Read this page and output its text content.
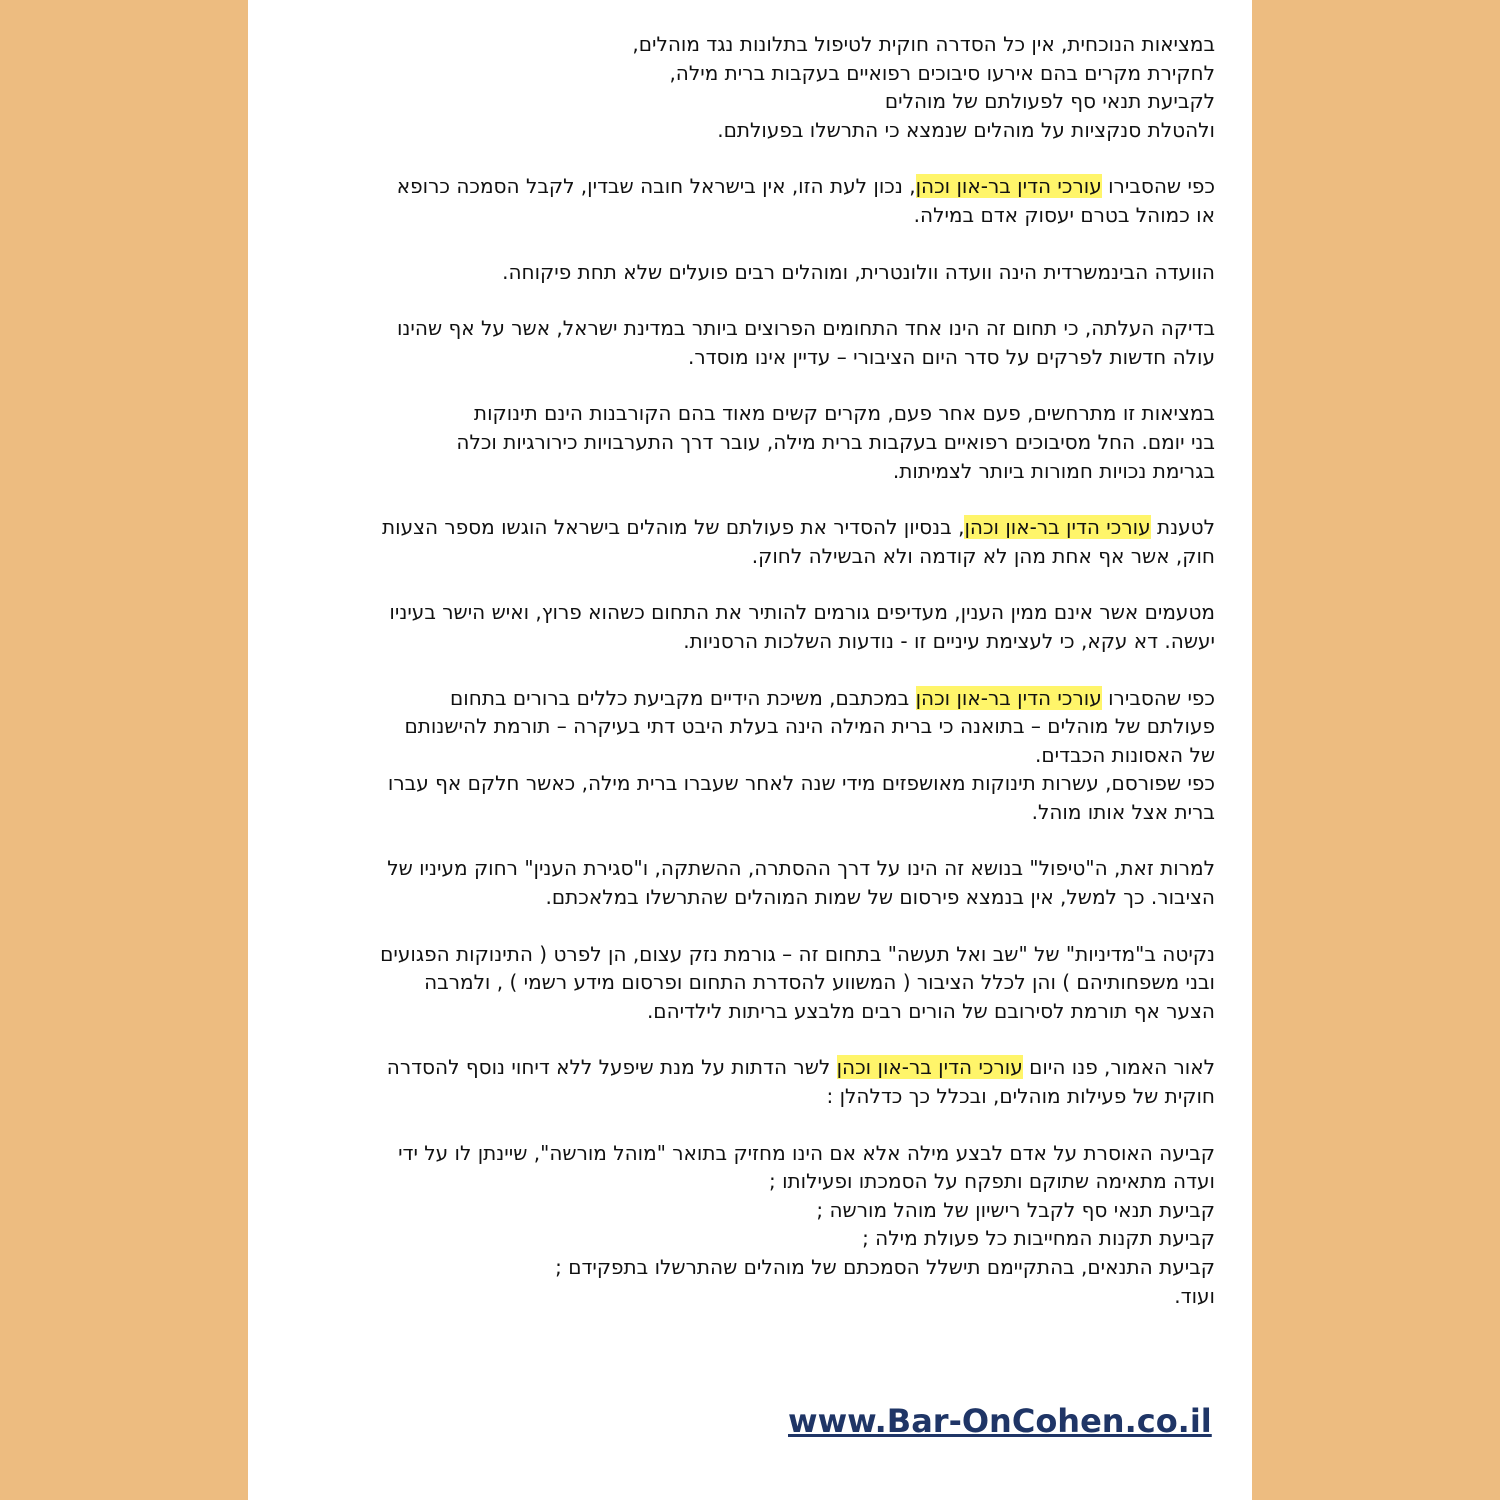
במציאות הנוכחית, אין כל הסדרה חוקית לטיפול בתלונות נגד מוהלים,
לחקירת מקרים בהם אירעו סיבוכים רפואיים בעקבות ברית מילה,
לקביעת תנאי סף לפעולתם של מוהלים
ולהטלת סנקציות על מוהלים שנמצא כי התרשלו בפעולתם.

כפי שהסבירו עורכי הדין בר-און וכהן, נכון לעת הזו, אין בישראל חובה שבדין, לקבל הסמכה כרופא
או כמוהל בטרם יעסוק אדם במילה.

הוועדה הבינמשרדית הינה וועדה וולונטרית, ומוהלים רבים פועלים שלא תחת פיקוחה.

בדיקה העלתה, כי תחום זה הינו אחד התחומים הפרוצים ביותר במדינת ישראל, אשר על אף שהינו
עולה חדשות לפרקים על סדר היום הציבורי – עדיין אינו מוסדר.

במציאות זו מתרחשים, פעם אחר פעם, מקרים קשים מאוד בהם הקורבנות הינם תינוקות
בני יומם. החל מסיבוכים רפואיים בעקבות ברית מילה, עובר דרך התערבויות כירורגיות וכלה
בגרימת נכויות חמורות ביותר לצמיתות.

לטענת עורכי הדין בר-און וכהן, בנסיון להסדיר את פעולתם של מוהלים בישראל הוגשו מספר הצעות
חוק, אשר אף אחת מהן לא קודמה ולא הבשילה לחוק.

מטעמים אשר אינם ממין הענין, מעדיפים גורמים להותיר את התחום כשהוא פרוץ, ואיש הישר בעיניו
יעשה. דא עקא, כי לעצימת עיניים זו - נודעות השלכות הרסניות.

כפי שהסבירו עורכי הדין בר-און וכהן במכתבם, משיכת הידיים מקביעת כללים ברורים בתחום
פעולתם של מוהלים – בתואנה כי ברית המילה הינה בעלת היבט דתי בעיקרה – תורמת להישנותם
של האסונות הכבדים.
כפי שפורסם, עשרות תינוקות מאושפזים מידי שנה לאחר שעברו ברית מילה, כאשר חלקם אף עברו
ברית אצל אותו מוהל.

למרות זאת, ה"טיפול" בנושא זה הינו על דרך ההסתרה, ההשתקה, ו"סגירת הענין" רחוק מעיניו של
הציבור. כך למשל, אין בנמצא פירסום של שמות המוהלים שהתרשלו במלאכתם.

נקיטה ב"מדיניות" של "שב ואל תעשה" בתחום זה – גורמת נזק עצום, הן לפרט ( התינוקות הפגועים
ובני משפחותיהם ) והן לכלל הציבור ( המשווע להסדרת התחום ופרסום מידע רשמי ) , ולמרבה
הצער אף תורמת לסירובם של הורים רבים מלבצע בריתות לילדיהם.

לאור האמור, פנו היום עורכי הדין בר-און וכהן לשר הדתות על מנת שיפעל ללא דיחוי נוסף להסדרה
חוקית של פעילות מוהלים, ובכלל כך כדלהלן :

קביעה האוסרת על אדם לבצע מילה אלא אם הינו מחזיק בתואר "מוהל מורשה", שיינתן לו על ידי
ועדה מתאימה שתוקם ותפקח על הסמכתו ופעילותו ;
קביעת תנאי סף לקבל רישיון של מוהל מורשה ;
קביעת תקנות המחייבות כל פעולת מילה ;
קביעת התנאים, בהתקיימם תישלל הסמכתם של מוהלים שהתרשלו בתפקידם ;
ועוד.

www.Bar-OnCohen.co.il
